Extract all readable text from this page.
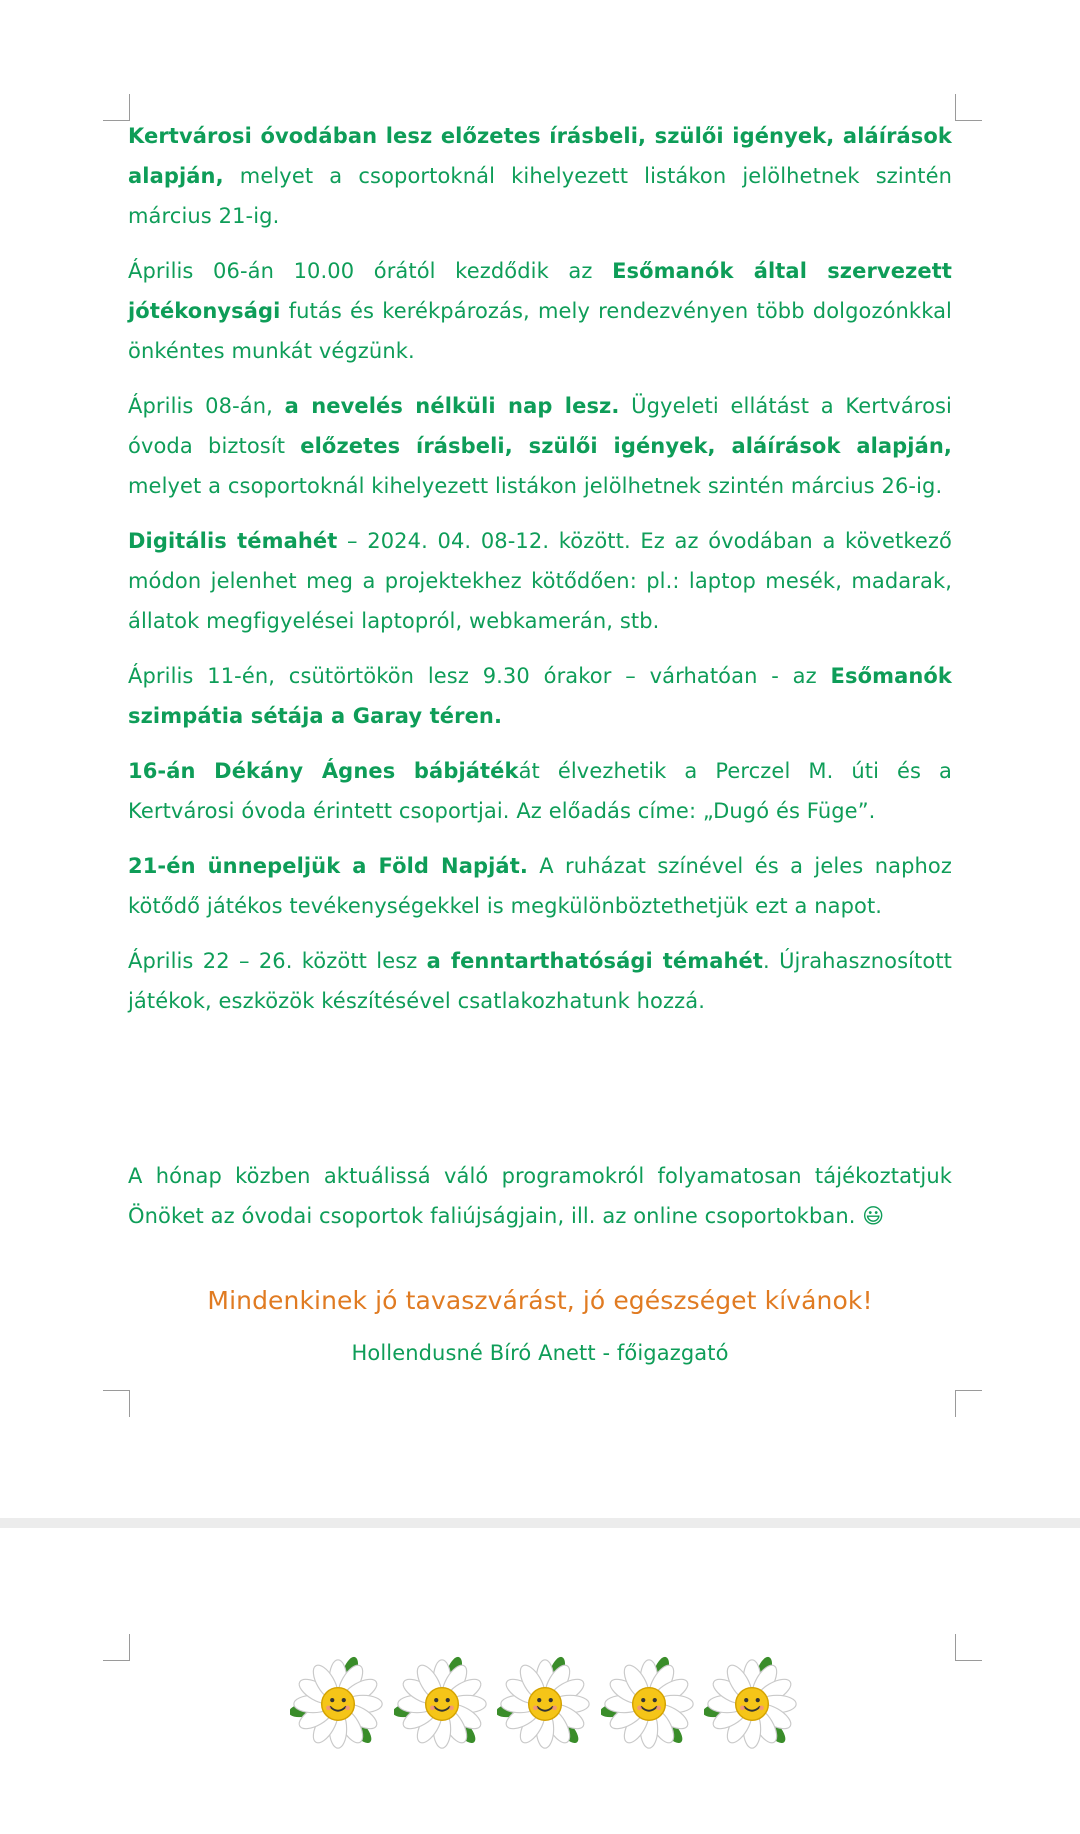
Kertvárosi óvodában lesz előzetes írásbeli, szülői igények, aláírások alapján, melyet a csoportoknál kihelyezett listákon jelölhetnek szintén március 21-ig.

Április 06-án 10.00 órától kezdődik az Esőmanók által szervezett jótékonysági futás és kerékpározás, mely rendezvényen több dolgozónkkal önkéntes munkát végzünk.

Április 08-án, a nevelés nélküli nap lesz. Ügyeleti ellátást a Kertvárosi óvoda biztosít előzetes írásbeli, szülői igények, aláírások alapján, melyet a csoportoknál kihelyezett listákon jelölhetnek szintén március 26-ig.

Digitális témahét – 2024. 04. 08-12. között. Ez az óvodában a következő módon jelenhet meg a projektekhez kötődően: pl.: laptop mesék, madarak, állatok megfigyelései laptopról, webkamerán, stb.

Április 11-én, csütörtökön lesz 9.30 órakor – várhatóan - az Esőmanók szimpátia sétája a Garay téren.

16-án Dékány Ágnes bábjátékát élvezhetik a Perczel M. úti és a Kertvárosi óvoda érintett csoportjai. Az előadás címe: „Dugó és Füge”.

21-én ünnepeljük a Föld Napját. A ruházat színével és a jeles naphoz kötődő játékos tevékenységekkel is megkülönböztethetjük ezt a napot.

Április 22 – 26. között lesz a fenntarthatósági témahét. Újrahasznosított játékok, eszközök készítésével csatlakozhatunk hozzá.

A hónap közben aktuálissá váló programokról folyamatosan tájékoztatjuk Önöket az óvodai csoportok faliújságjain, ill. az online csoportokban. 😃

Mindenkinek jó tavaszvárást, jó egészséget kívánok!
Hollendusné Bíró Anett - főigazgató
